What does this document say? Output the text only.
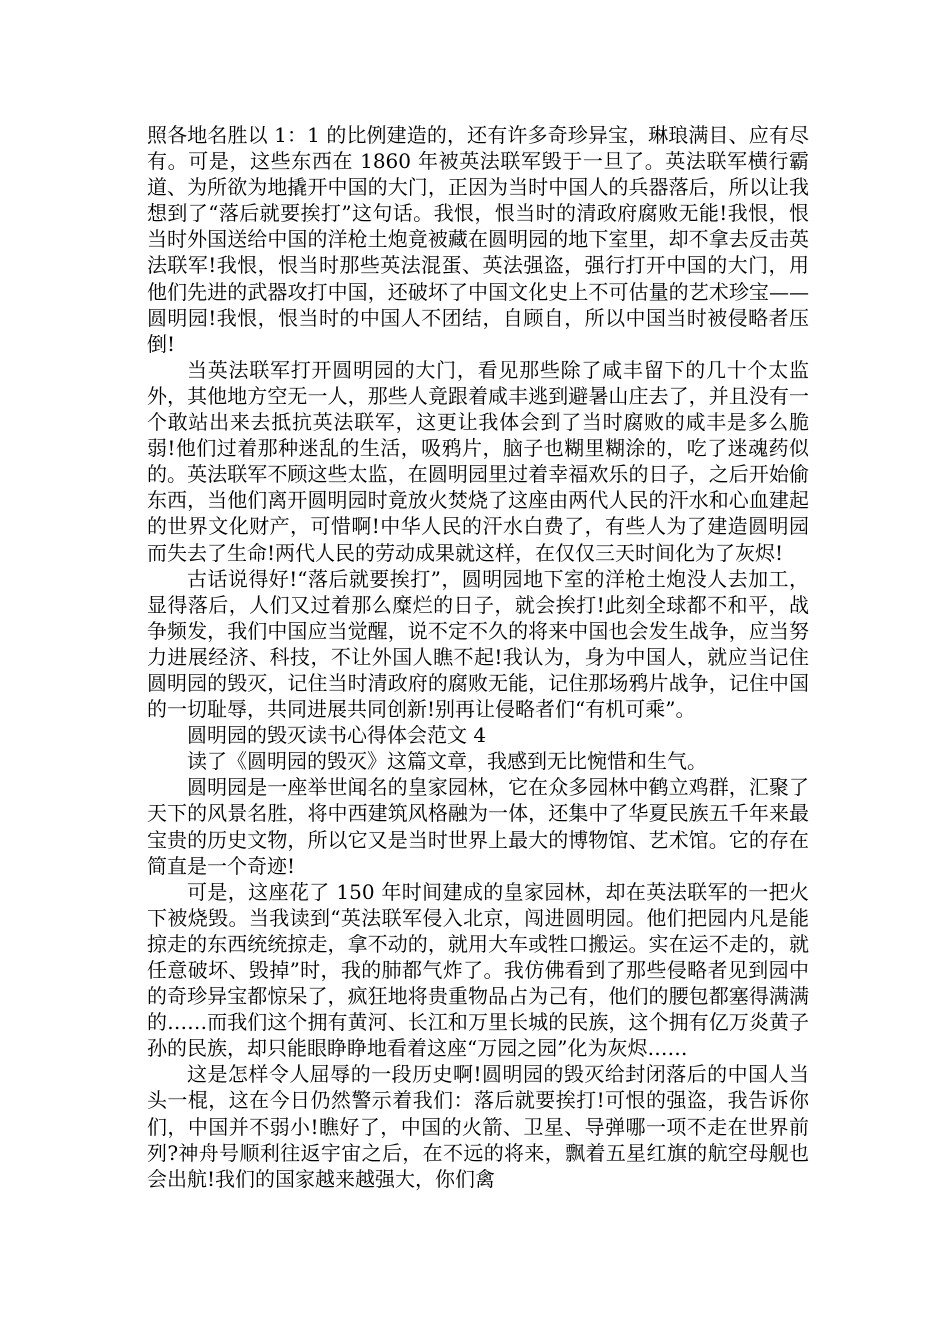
照各地名胜以 1：1 的比例建造的，还有许多奇珍异宝，琳琅满目、应有尽有。可是，这些东西在 1860 年被英法联军毁于一旦了。英法联军横行霸道、为所欲为地撬开中国的大门，正因为当时中国人的兵器落后，所以让我想到了“落后就要挨打”这句话。我恨，恨当时的清政府腐败无能!我恨，恨当时外国送给中国的洋枪土炮竟被藏在圆明园的地下室里，却不拿去反击英法联军!我恨，恨当时那些英法混蛋、英法强盗，强行打开中国的大门，用他们先进的武器攻打中国，还破坏了中国文化史上不可估量的艺术珍宝——圆明园!我恨，恨当时的中国人不团结，自顾自，所以中国当时被侵略者压倒!

当英法联军打开圆明园的大门，看见那些除了咸丰留下的几十个太监外，其他地方空无一人，那些人竟跟着咸丰逃到避暑山庄去了，并且没有一个敢站出来去抵抗英法联军，这更让我体会到了当时腐败的咸丰是多么脆弱!他们过着那种迷乱的生活，吸鸦片，脑子也糊里糊涂的，吃了迷魂药似的。英法联军不顾这些太监，在圆明园里过着幸福欢乐的日子，之后开始偷东西，当他们离开圆明园时竟放火焚烧了这座由两代人民的汗水和心血建起的世界文化财产，可惜啊!中华人民的汗水白费了，有些人为了建造圆明园而失去了生命!两代人民的劳动成果就这样，在仅仅三天时间化为了灰烬!

古话说得好!“落后就要挨打”，圆明园地下室的洋枪土炮没人去加工，显得落后，人们又过着那么糜烂的日子，就会挨打!此刻全球都不和平，战争频发，我们中国应当觉醒，说不定不久的将来中国也会发生战争，应当努力进展经济、科技，不让外国人瞧不起!我认为，身为中国人，就应当记住圆明园的毁灭，记住当时清政府的腐败无能，记住那场鸦片战争，记住中国的一切耻辱，共同进展共同创新!别再让侵略者们“有机可乘”。

圆明园的毁灭读书心得体会范文 4

读了《圆明园的毁灭》这篇文章，我感到无比惋惜和生气。

圆明园是一座举世闻名的皇家园林，它在众多园林中鹤立鸡群，汇聚了天下的风景名胜，将中西建筑风格融为一体，还集中了华夏民族五千年来最宝贵的历史文物，所以它又是当时世界上最大的博物馆、艺术馆。它的存在简直是一个奇迹!

可是，这座花了 150 年时间建成的皇家园林，却在英法联军的一把火下被烧毁。当我读到“英法联军侵入北京，闯进圆明园。他们把园内凡是能掠走的东西统统掠走，拿不动的，就用大车或牲口搬运。实在运不走的，就任意破坏、毁掉”时，我的肺都气炸了。我仿佛看到了那些侵略者见到园中的奇珍异宝都惊呆了，疯狂地将贵重物品占为己有，他们的腰包都塞得满满的……而我们这个拥有黄河、长江和万里长城的民族，这个拥有亿万炎黄子孙的民族，却只能眼睁睁地看着这座“万园之园”化为灰烬……

这是怎样令人屈辱的一段历史啊!圆明园的毁灭给封闭落后的中国人当头一棍，这在今日仍然警示着我们：落后就要挨打!可恨的强盗，我告诉你们，中国并不弱小!瞧好了，中国的火箭、卫星、导弹哪一项不走在世界前列?神舟号顺利往返宇宙之后，在不远的将来，飘着五星红旗的航空母舰也会出航!我们的国家越来越强大，你们禽
